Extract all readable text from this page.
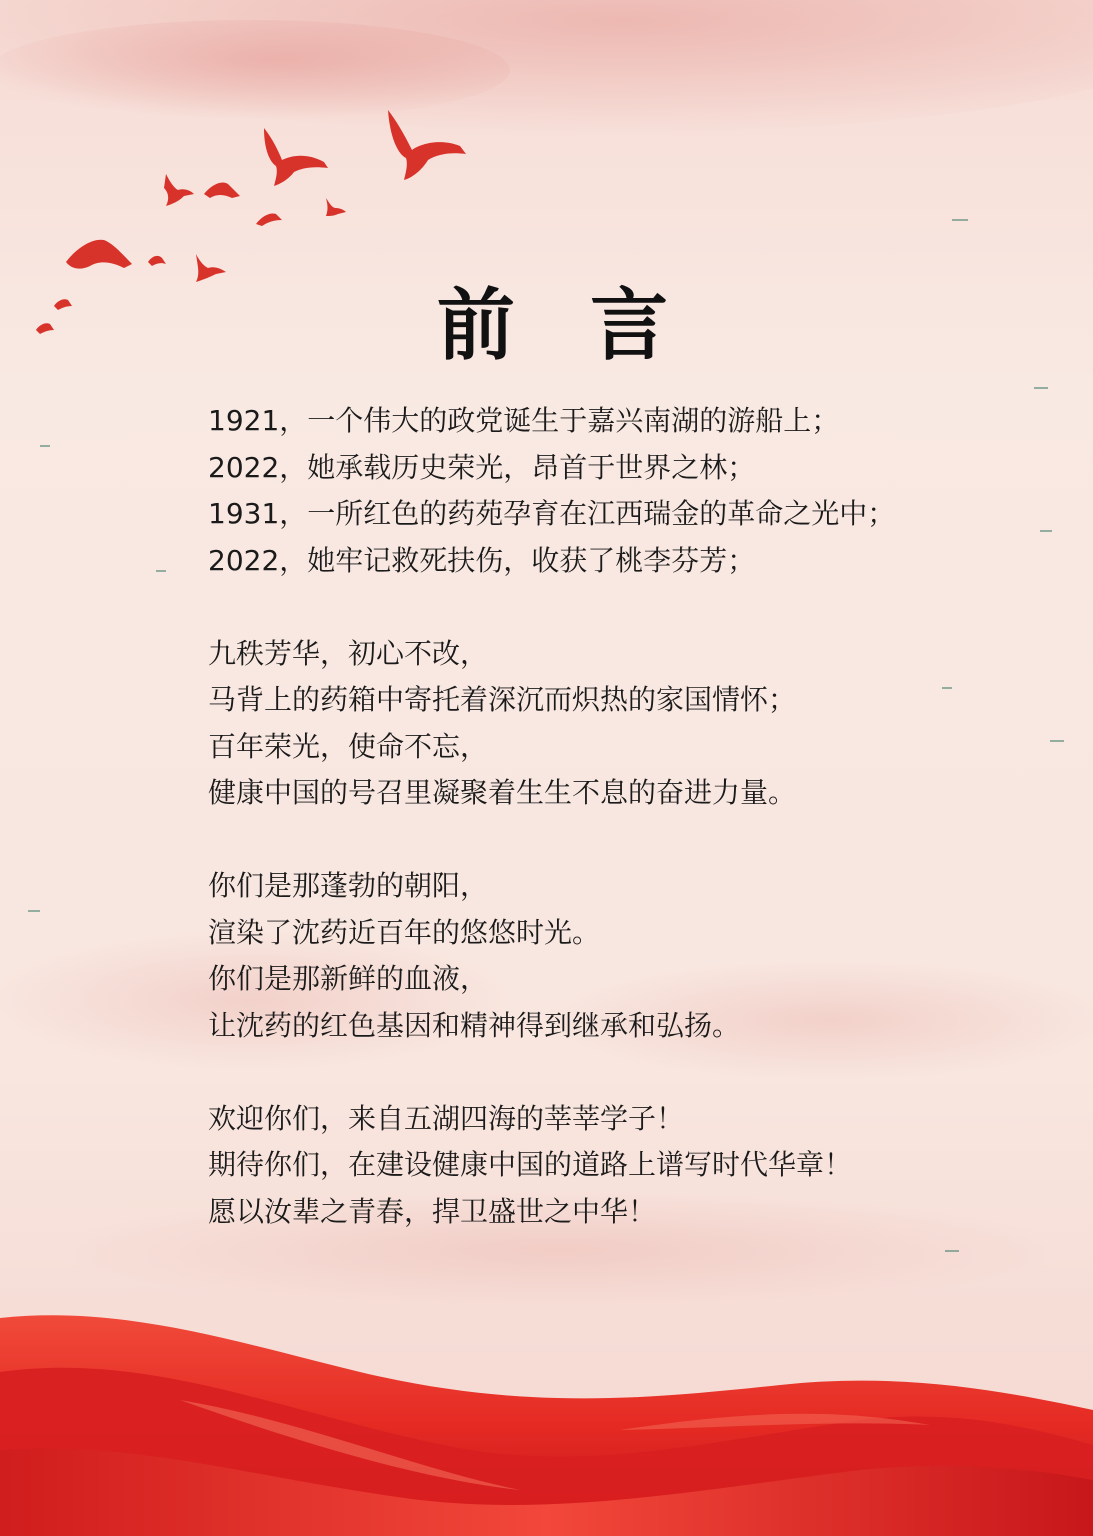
前 言
1921，一个伟大的政党诞生于嘉兴南湖的游船上；
2022，她承载历史荣光，昂首于世界之林；
1931，一所红色的药苑孕育在江西瑞金的革命之光中；
2022，她牢记救死扶伤，收获了桃李芬芳；
九秩芳华，初心不改，
马背上的药箱中寄托着深沉而炽热的家国情怀；
百年荣光，使命不忘，
健康中国的号召里凝聚着生生不息的奋进力量。
你们是那蓬勃的朝阳，
渲染了沈药近百年的悠悠时光。
你们是那新鲜的血液，
让沈药的红色基因和精神得到继承和弘扬。
欢迎你们，来自五湖四海的莘莘学子！
期待你们，在建设健康中国的道路上谱写时代华章！
愿以汝辈之青春，捍卫盛世之中华！
